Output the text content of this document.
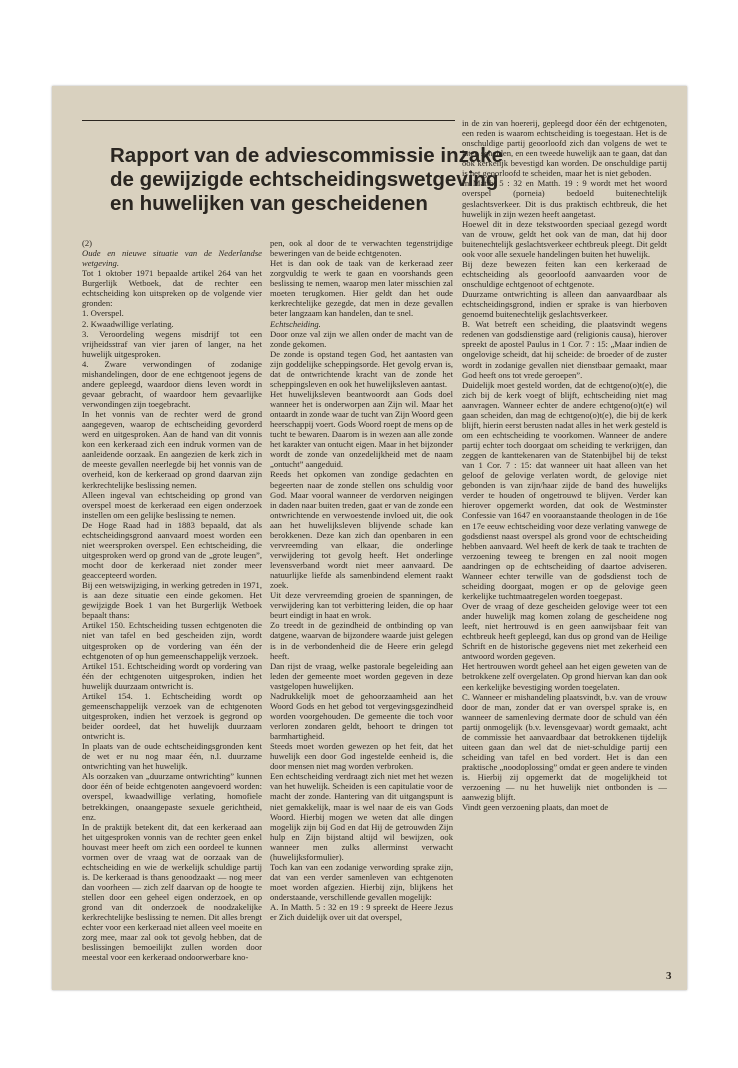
Rapport van de adviescommissie inzake
de gewijzigde echtscheidingswetgeving
en huwelijken van gescheidenen

(2)

Oude en nieuwe situatie van de Nederlandse wetgeving.

Tot 1 oktober 1971 bepaalde artikel 264 van het Burgerlijk Wetboek, dat de rechter een echtscheiding kon uitspreken op de volgende vier gronden:

1. Overspel.

2. Kwaadwillige verlating.

3. Veroordeling wegens misdrijf tot een vrijheidsstraf van vier jaren of langer, na het huwelijk uitgesproken.

4. Zware verwondingen of zodanige mishandelingen, door de ene echtgenoot jegens de andere gepleegd, waardoor diens leven wordt in gevaar gebracht, of waardoor hem gevaarlijke verwondingen zijn toegebracht.

In het vonnis van de rechter werd de grond aangegeven, waarop de echtscheiding gevorderd werd en uitgesproken. Aan de hand van dit vonnis kon een kerkeraad zich een indruk vormen van de aanleidende oorzaak. En aangezien de kerk zich in de meeste gevallen neerlegde bij het vonnis van de overheid, kon de kerkeraad op grond daarvan zijn kerkrechtelijke beslissing nemen.

Alleen ingeval van echtscheiding op grond van overspel moest de kerkeraad een eigen onderzoek instellen om een gelijke beslissing te nemen.

De Hoge Raad had in 1883 bepaald, dat als echtscheidingsgrond aanvaard moest worden een niet weersproken overspel. Een echtscheiding, die uitgesproken werd op grond van de „grote leugen”, mocht door de kerkeraad niet zonder meer geaccepteerd worden.

Bij een wetswijziging, in werking getreden in 1971, is aan deze situatie een einde gekomen. Het gewijzigde Boek 1 van het Burgerlijk Wetboek bepaalt thans:

Artikel 150. Echtscheiding tussen echtgenoten die niet van tafel en bed gescheiden zijn, wordt uitgesproken op de vordering van één der echtgenoten of op hun gemeenschappelijk verzoek.

Artikel 151. Echtscheiding wordt op vordering van één der echtgenoten uitgesproken, indien het huwelijk duurzaam ontwricht is.

Artikel 154. 1. Echtscheiding wordt op gemeenschappelijk verzoek van de echtgenoten uitgesproken, indien het verzoek is gegrond op beider oordeel, dat het huwelijk duurzaam ontwricht is.

In plaats van de oude echtscheidingsgronden kent de wet er nu nog maar één, n.l. duurzame ontwrichting van het huwelijk.

Als oorzaken van „duurzame ontwrichting” kunnen door één of beide echtgenoten aangevoerd worden: overspel, kwaadwillige verlating, homofiele betrekkingen, onaangepaste sexuele gerichtheid, enz.

In de praktijk betekent dit, dat een kerkeraad aan het uitgesproken vonnis van de rechter geen enkel houvast meer heeft om zich een oordeel te kunnen vormen over de vraag wat de oorzaak van de echtscheiding en wie de werkelijk schuldige partij is. De kerkeraad is thans genoodzaakt — nog meer dan voorheen — zich zelf daarvan op de hoogte te stellen door een geheel eigen onderzoek, en op grond van dit onderzoek de noodzakelijke kerkrechtelijke beslissing te nemen. Dit alles brengt echter voor een kerkeraad niet alleen veel moeite en zorg mee, maar zal ook tot gevolg hebben, dat de beslissingen bemoeilijkt zullen worden door meestal voor een kerkeraad ondoorwerbare kno-

pen, ook al door de te verwachten tegenstrijdige beweringen van de beide echtgenoten.

Het is dan ook de taak van de kerkeraad zeer zorgvuldig te werk te gaan en voorshands geen beslissing te nemen, waarop men later misschien zal moeten terugkomen. Hier geldt dan het oude kerkrechtelijke gezegde, dat men in deze gevallen beter langzaam kan handelen, dan te snel.

Echtscheiding.

Door onze val zijn we allen onder de macht van de zonde gekomen.

De zonde is opstand tegen God, het aantasten van zijn goddelijke scheppingsorde. Het gevolg ervan is, dat de ontwrichtende kracht van de zonde het scheppingsleven en ook het huwelijksleven aantast.

Het huwelijksleven beantwoordt aan Gods doel wanneer het is onderworpen aan Zijn wil. Maar het ontaardt in zonde waar de tucht van Zijn Woord geen heerschappij voert. Gods Woord roept de mens op de tucht te bewaren. Daarom is in wezen aan alle zonde het karakter van ontucht eigen. Maar in het bijzonder wordt de zonde van onzedelijkheid met de naam „ontucht” aangeduid.

Reeds het opkomen van zondige gedachten en begeerten naar de zonde stellen ons schuldig voor God. Maar vooral wanneer de verdorven neigingen in daden naar buiten treden, gaat er van de zonde een ontwrichtende en verwoestende invloed uit, die ook aan het huwelijksleven blijvende schade kan berokkenen. Deze kan zich dan openbaren in een vervreemding van elkaar, die onderlinge verwijdering tot gevolg heeft. Het onderlinge levensverband wordt niet meer aanvaard. De natuurlijke liefde als samenbindend element raakt zoek.

Uit deze vervreemding groeien de spanningen, de verwijdering kan tot verbittering leiden, die op haar beurt eindigt in haat en wrok.

Zo treedt in de gezindheid de ontbinding op van datgene, waarvan de bijzondere waarde juist gelegen is in de verbondenheid die de Heere erin gelegd heeft.

Dan rijst de vraag, welke pastorale begeleiding aan leden der gemeente moet worden gegeven in deze vastgelopen huwelijken.

Nadrukkelijk moet de gehoorzaamheid aan het Woord Gods en het gebod tot vergevingsgezindheid worden voorgehouden. De gemeente die toch voor verloren zondaren geldt, behoort te dringen tot barmhartigheid.

Steeds moet worden gewezen op het feit, dat het huwelijk een door God ingestelde eenheid is, die door mensen niet mag worden verbroken.

Een echtscheiding verdraagt zich niet met het wezen van het huwelijk. Scheiden is een capitulatie voor de macht der zonde. Hantering van dit uitgangspunt is niet gemakkelijk, maar is wel naar de eis van Gods Woord. Hierbij mogen we weten dat alle dingen mogelijk zijn bij God en dat Hij de getrouwden Zijn hulp en Zijn bijstand altijd wil bewijzen, ook wanneer men zulks allerminst verwacht (huwelijksformulier).

Toch kan van een zodanige verwording sprake zijn, dat van een verder samenleven van echtgenoten moet worden afgezien. Hierbij zijn, blijkens het onderstaande, verschillende gevallen mogelijk:

A. In Matth. 5 : 32 en 19 : 9 spreekt de Heere Jezus er Zich duidelijk over uit dat overspel,

in de zin van hoererij, gepleegd door één der echtgenoten, een reden is waarom echtscheiding is toegestaan. Het is de onschuldige partij geoorloofd zich dan volgens de wet te laten scheiden, en een tweede huwelijk aan te gaan, dat dan ook kerkelijk bevestigd kan worden. De onschuldige partij is het geoorloofd te scheiden, maar het is niet geboden.

In Matth. 5 : 32 en Matth. 19 : 9 wordt met het woord overspel (porneia) bedoeld buitenechtelijk geslachtsverkeer. Dit is dus praktisch echtbreuk, die het huwelijk in zijn wezen heeft aangetast.

Hoewel dit in deze tekstwoorden speciaal gezegd wordt van de vrouw, geldt het ook van de man, dat hij door buitenechtelijk geslachtsverkeer echtbreuk pleegt. Dit geldt ook voor alle sexuele handelingen buiten het huwelijk.

Bij deze bewezen feiten kan een kerkeraad de echtscheiding als geoorloofd aanvaarden voor de onschuldige echtgenoot of echtgenote.

Duurzame ontwrichting is alleen dan aanvaardbaar als echtscheidingsgrond, indien er sprake is van hierboven genoemd buitenechtelijk geslachtsverkeer.

B. Wat betreft een scheiding, die plaatsvindt wegens redenen van godsdienstige aard (religionis causa), hierover spreekt de apostel Paulus in 1 Cor. 7 : 15: „Maar indien de ongelovige scheidt, dat hij scheide: de broeder of de zuster wordt in zodanige gevallen niet dienstbaar gemaakt, maar God heeft ons tot vrede geroepen”.

Duidelijk moet gesteld worden, dat de echtgeno(o)t(e), die zich bij de kerk voegt of blijft, echtscheiding niet mag aanvragen. Wanneer echter de andere echtgeno(o)t(e) wil gaan scheiden, dan mag de echtgeno(o)t(e), die bij de kerk blijft, hierin eerst berusten nadat alles in het werk gesteld is om een echtscheiding te voorkomen. Wanneer de andere partij echter toch doorgaat om scheiding te verkrijgen, dan zeggen de kanttekenaren van de Statenbijbel bij de tekst van 1 Cor. 7 : 15: dat wanneer uit haat alleen van het geloof de gelovige verlaten wordt, de gelovige niet gebonden is van zijn/haar zijde de band des huwelijks verder te houden of ongetrouwd te blijven. Verder kan hierover opgemerkt worden, dat ook de Westminster Confessie van 1647 en vooraanstaande theologen in de 16e en 17e eeuw echtscheiding voor deze verlating vanwege de godsdienst naast overspel als grond voor de echtscheiding hebben aanvaard. Wel heeft de kerk de taak te trachten de verzoening teweeg te brengen en zal nooit mogen aandringen op de echtscheiding of daartoe adviseren. Wanneer echter terwille van de godsdienst toch de scheiding doorgaat, mogen er op de gelovige geen kerkelijke tuchtmaatregelen worden toegepast.

Over de vraag of deze gescheiden gelovige weer tot een ander huwelijk mag komen zolang de gescheidene nog leeft, niet hertrouwd is en geen aanwijsbaar feit van echtbreuk heeft gepleegd, kan dus op grond van de Heilige Schrift en de historische gegevens niet met zekerheid een antwoord worden gegeven.

Het hertrouwen wordt geheel aan het eigen geweten van de betrokkene zelf overgelaten. Op grond hiervan kan dan ook een kerkelijke bevestiging worden toegelaten.

C. Wanneer er mishandeling plaatsvindt, b.v. van de vrouw door de man, zonder dat er van overspel sprake is, en wanneer de samenleving dermate door de schuld van één partij onmogelijk (b.v. levensgevaar) wordt gemaakt, acht de commissie het aanvaardbaar dat betrokkenen tijdelijk uiteen gaan dan wel dat de niet-schuldige partij een scheiding van tafel en bed vordert. Het is dan een praktische „noodoplossing” omdat er geen andere te vinden is. Hierbij zij opgemerkt dat de mogelijkheid tot verzoening — nu het huwelijk niet ontbonden is — aanwezig blijft.

Vindt geen verzoening plaats, dan moet de

3
